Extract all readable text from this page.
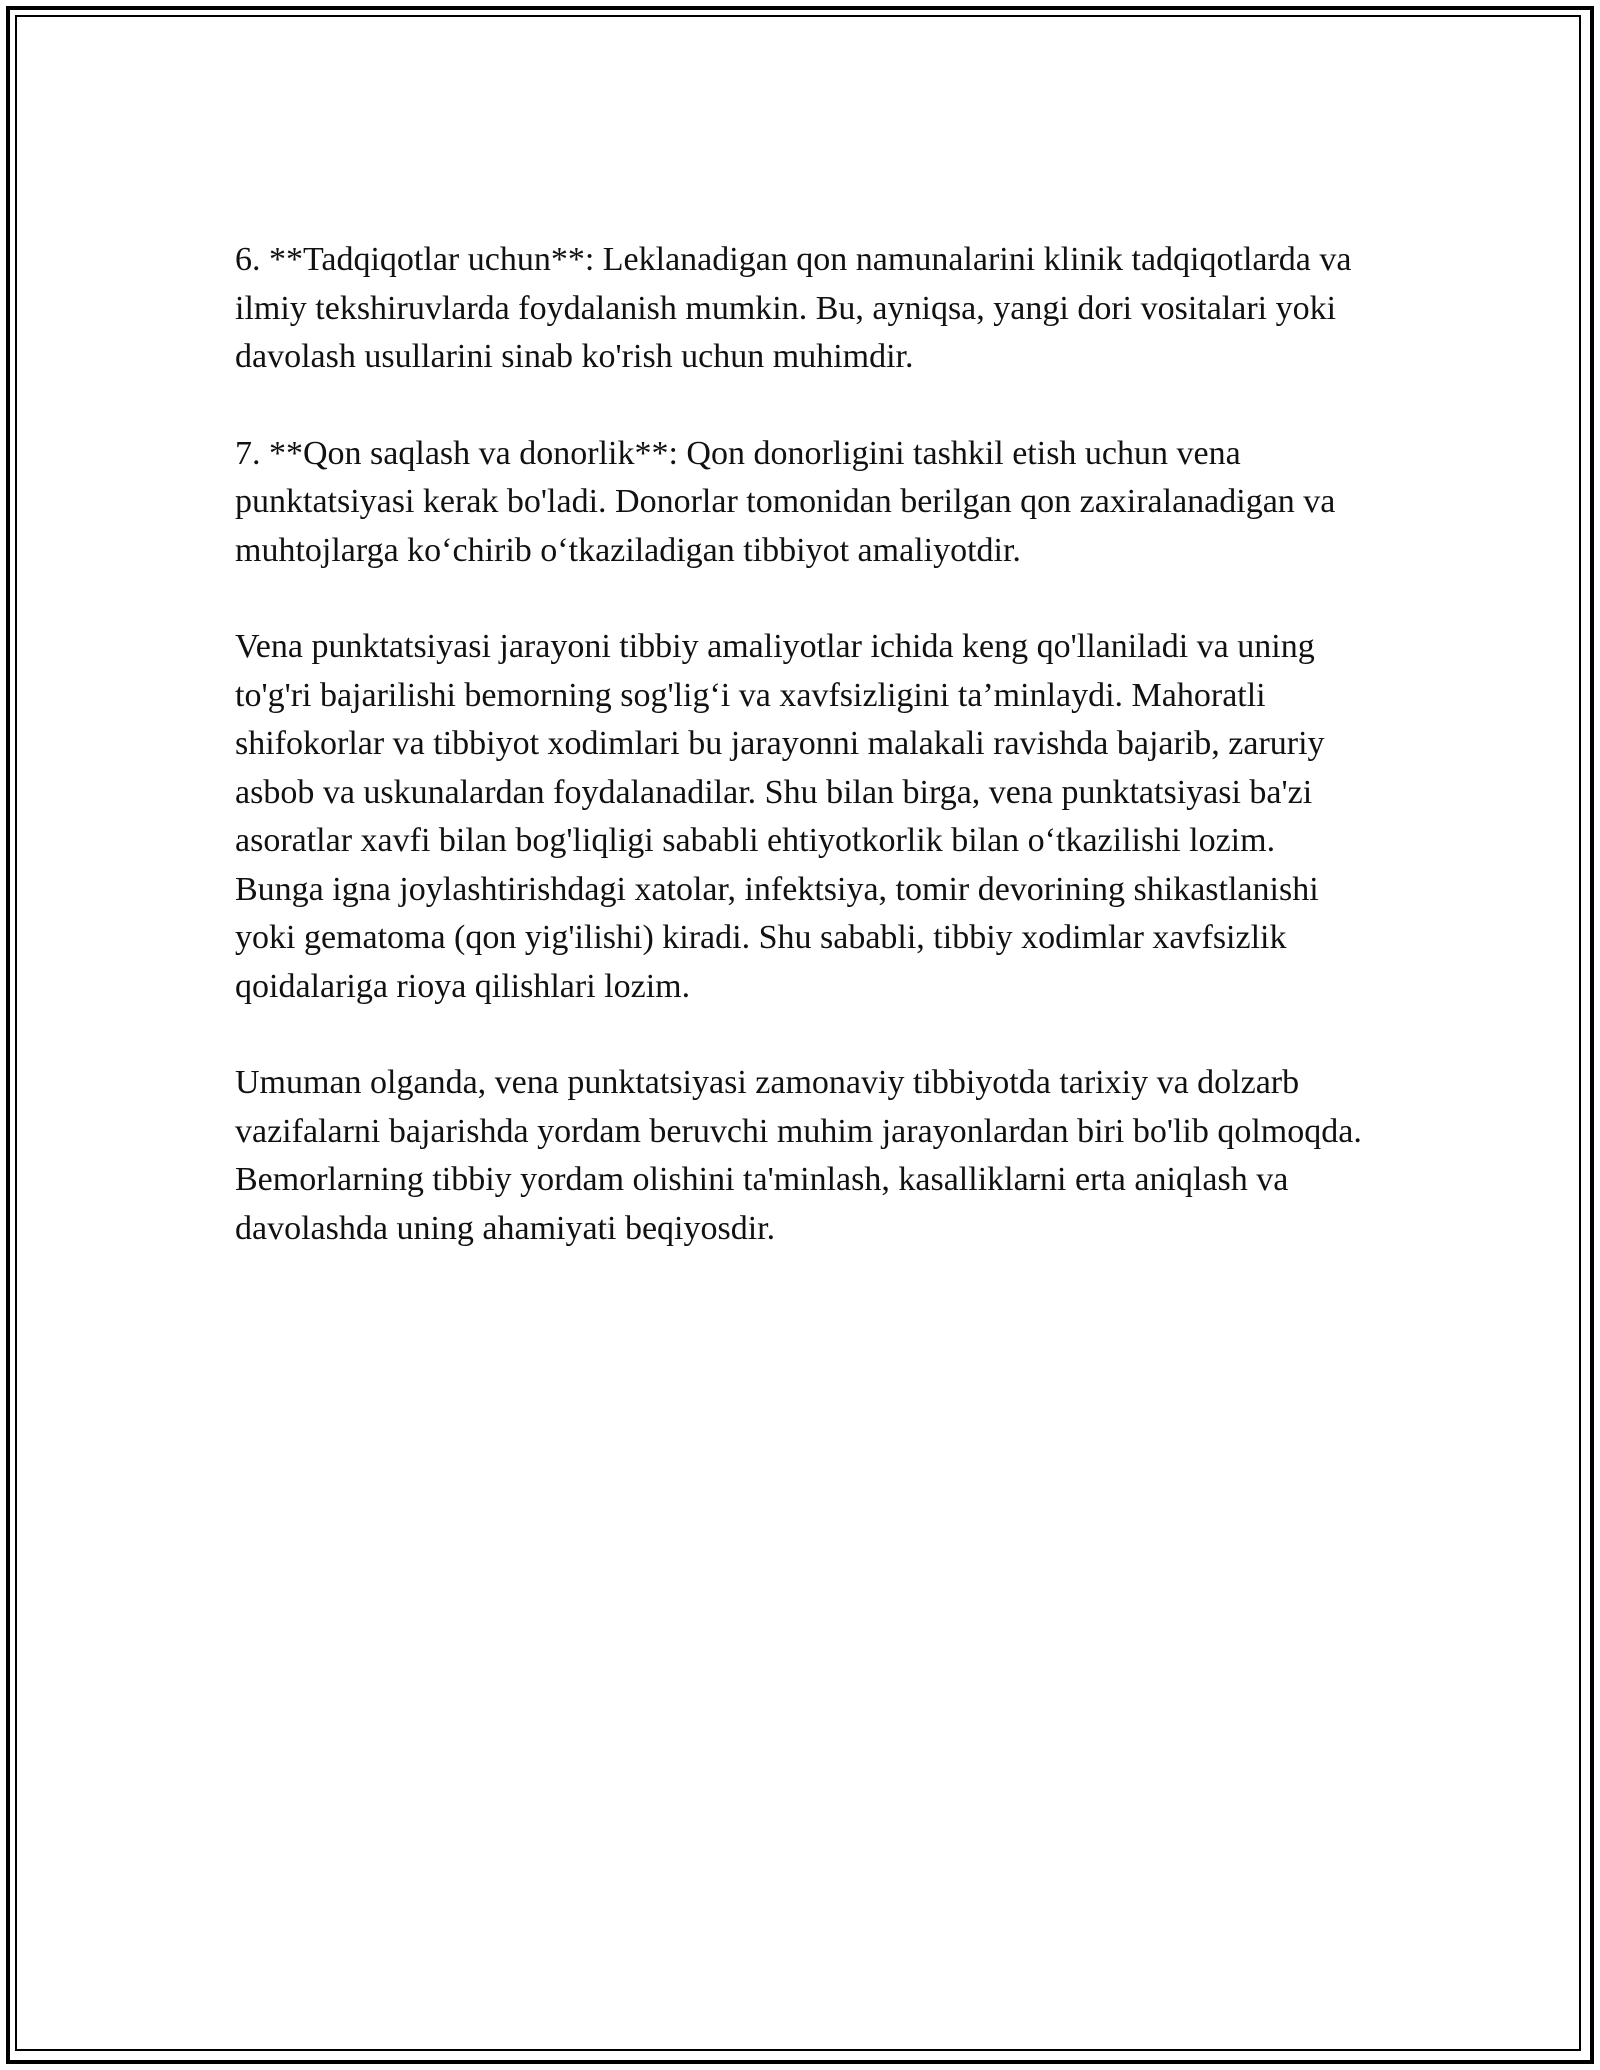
6. **Tadqiqotlar uchun**: Leklanadigan qon namunalarini klinik tadqiqotlarda va ilmiy tekshiruvlarda foydalanish mumkin. Bu, ayniqsa, yangi dori vositalari yoki davolash usullarini sinab ko'rish uchun muhimdir.

7. **Qon saqlash va donorlik**: Qon donorligini tashkil etish uchun vena punktatsiyasi kerak bo'ladi. Donorlar tomonidan berilgan qon zaxiralanadigan va muhtojlarga ko‘chirib o‘tkaziladigan tibbiyot amaliyotdir.

Vena punktatsiyasi jarayoni tibbiy amaliyotlar ichida keng qo'llaniladi va uning to'g'ri bajarilishi bemorning sog'lig‘i va xavfsizligini ta’minlaydi. Mahoratli shifokorlar va tibbiyot xodimlari bu jarayonni malakali ravishda bajarib, zaruriy asbob va uskunalardan foydalanadilar. Shu bilan birga, vena punktatsiyasi ba'zi asoratlar xavfi bilan bog'liqligi sababli ehtiyotkorlik bilan o‘tkazilishi lozim. Bunga igna joylashtirishdagi xatolar, infektsiya, tomir devorining shikastlanishi yoki gematoma (qon yig'ilishi) kiradi. Shu sababli, tibbiy xodimlar xavfsizlik qoidalariga rioya qilishlari lozim.

Umuman olganda, vena punktatsiyasi zamonaviy tibbiyotda tarixiy va dolzarb vazifalarni bajarishda yordam beruvchi muhim jarayonlardan biri bo'lib qolmoqda. Bemorlarning tibbiy yordam olishini ta'minlash, kasalliklarni erta aniqlash va davolashda uning ahamiyati beqiyosdir.
